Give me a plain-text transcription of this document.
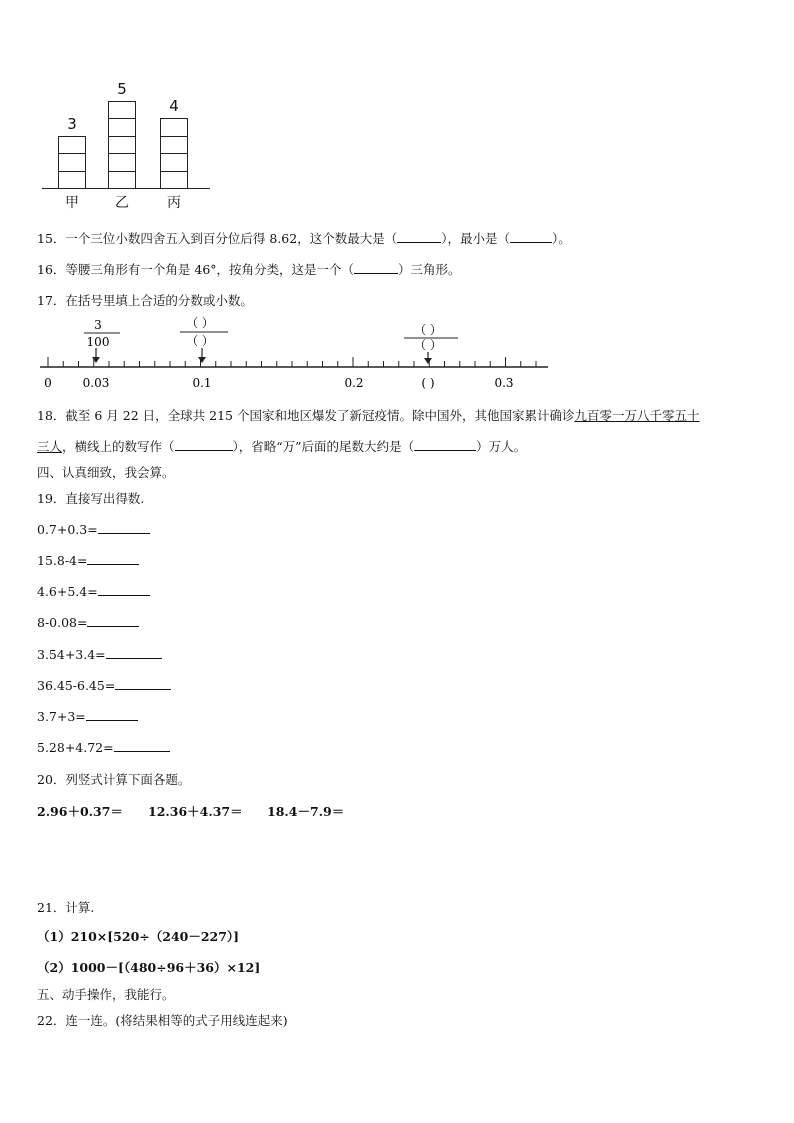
3
甲
5
乙
4
丙
15．一个三位小数四舍五入到百分位后得 8.62，这个数最大是（	），最小是（	）。
16．等腰三角形有一个角是 46°，按角分类，这是一个（	）三角形。
17．在括号里填上合适的分数或小数。
3
100
（ ）
（ ）
（ ）
（ ）
0	0.03	0.1	0.2	( )	0.3
18．截至 6 月 22 日，全球共 215 个国家和地区爆发了新冠疫情。除中国外，其他国家累计确诊九百零一万八千零五十
三人，横线上的数写作（	），省略“万”后面的尾数大约是（	）万人。
四、认真细致，我会算。
19．直接写出得数.
0.7+0.3=
15.8-4=
4.6+5.4=
8-0.08=
3.54+3.4=
36.45-6.45=
3.7+3=
5.28+4.72=
20．列竖式计算下面各题。
2.96＋0.37＝ 12.36＋4.37＝ 18.4－7.9＝
21．计算.
（1）210×[520÷（240－227）]
（2）1000－[（480÷96＋36）×12]
五、动手操作，我能行。
22．连一连。(将结果相等的式子用线连起来)
